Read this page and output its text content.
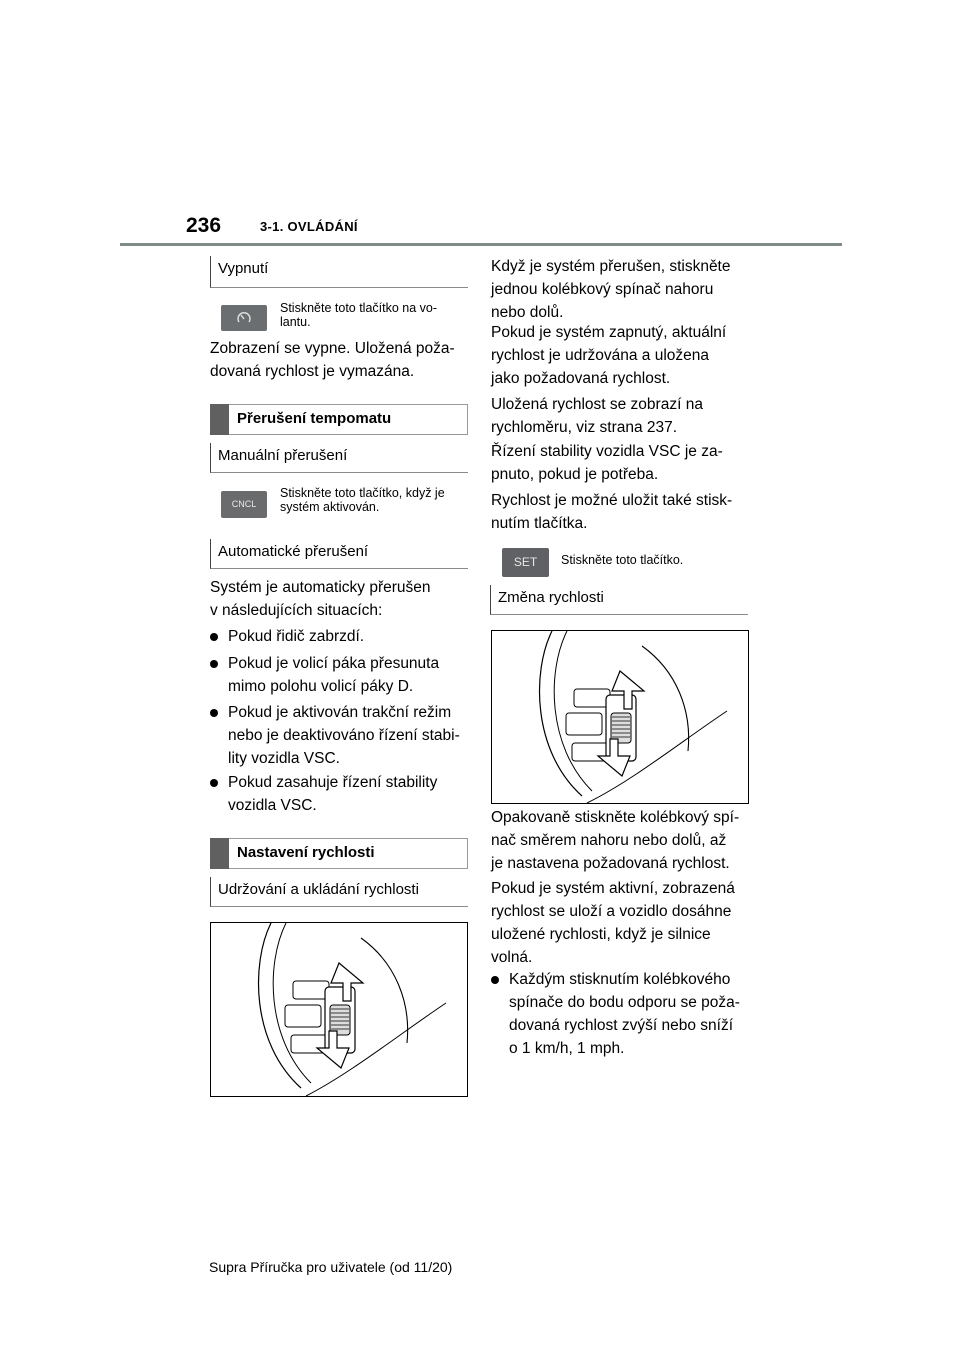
236	3-1. OVLÁDÁNÍ
Vypnutí
Stiskněte toto tlačítko na vo-
lantu.
Zobrazení se vypne. Uložená poža-
dovaná rychlost je vymazána.
Přerušení tempomatu
Manuální přerušení
CNCL
Stiskněte toto tlačítko, když je
systém aktivován.
Automatické přerušení
Systém je automaticky přerušen
v následujících situacích:
Pokud řidič zabrzdí.
Pokud je volicí páka přesunuta
mimo polohu volicí páky D.
Pokud je aktivován trakční režim
nebo je deaktivováno řízení stabi-
lity vozidla VSC.
Pokud zasahuje řízení stability
vozidla VSC.
Nastavení rychlosti
Udržování a ukládání rychlosti
Když je systém přerušen, stiskněte
jednou kolébkový spínač nahoru
nebo dolů.
Pokud je systém zapnutý, aktuální
rychlost je udržována a uložena
jako požadovaná rychlost.
Uložená rychlost se zobrazí na
rychloměru, viz strana 237.
Řízení stability vozidla VSC je za-
pnuto, pokud je potřeba.
Rychlost je možné uložit také stisk-
nutím tlačítka.
SET	Stiskněte toto tlačítko.
Změna rychlosti
Opakovaně stiskněte kolébkový spí-
nač směrem nahoru nebo dolů, až
je nastavena požadovaná rychlost.
Pokud je systém aktivní, zobrazená
rychlost se uloží a vozidlo dosáhne
uložené rychlosti, když je silnice
volná.
Každým stisknutím kolébkového
spínače do bodu odporu se poža-
dovaná rychlost zvýší nebo sníží
o 1 km/h, 1 mph.
Supra Příručka pro uživatele (od 11/20)
